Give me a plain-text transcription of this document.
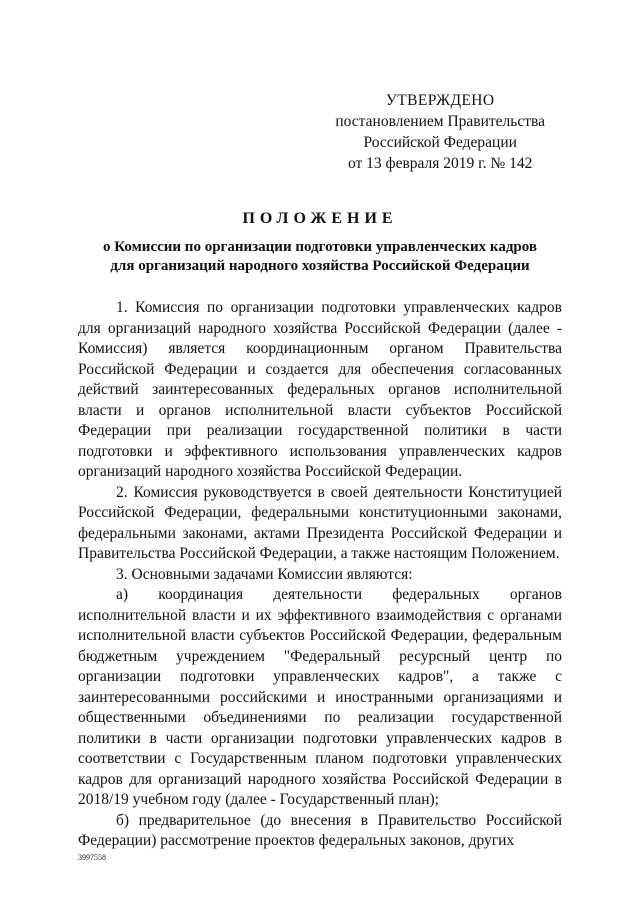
УТВЕРЖДЕНО
постановлением Правительства
Российской Федерации
от 13 февраля 2019 г. № 142
ПОЛОЖЕНИЕ
о Комиссии по организации подготовки управленческих кадров
для организаций народного хозяйства Российской Федерации

1. Комиссия по организации подготовки управленческих кадров для организаций народного хозяйства Российской Федерации (далее - Комиссия) является координационным органом Правительства Российской Федерации и создается для обеспечения согласованных действий заинтересованных федеральных органов исполнительной власти и органов исполнительной власти субъектов Российской Федерации при реализации государственной политики в части подготовки и эффективного использования управленческих кадров организаций народного хозяйства Российской Федерации.

2. Комиссия руководствуется в своей деятельности Конституцией Российской Федерации, федеральными конституционными законами, федеральными законами, актами Президента Российской Федерации и Правительства Российской Федерации, а также настоящим Положением.

3. Основными задачами Комиссии являются:

а) координация деятельности федеральных органов исполнительной власти и их эффективного взаимодействия с органами исполнительной власти субъектов Российской Федерации, федеральным бюджетным учреждением "Федеральный ресурсный центр по организации подготовки управленческих кадров", а также с заинтересованными российскими и иностранными организациями и общественными объединениями по реализации государственной политики в части организации подготовки управленческих кадров в соответствии с Государственным планом подготовки управленческих кадров для организаций народного хозяйства Российской Федерации в 2018/19 учебном году (далее - Государственный план);

б) предварительное (до внесения в Правительство Российской Федерации) рассмотрение проектов федеральных законов, других

3997558
